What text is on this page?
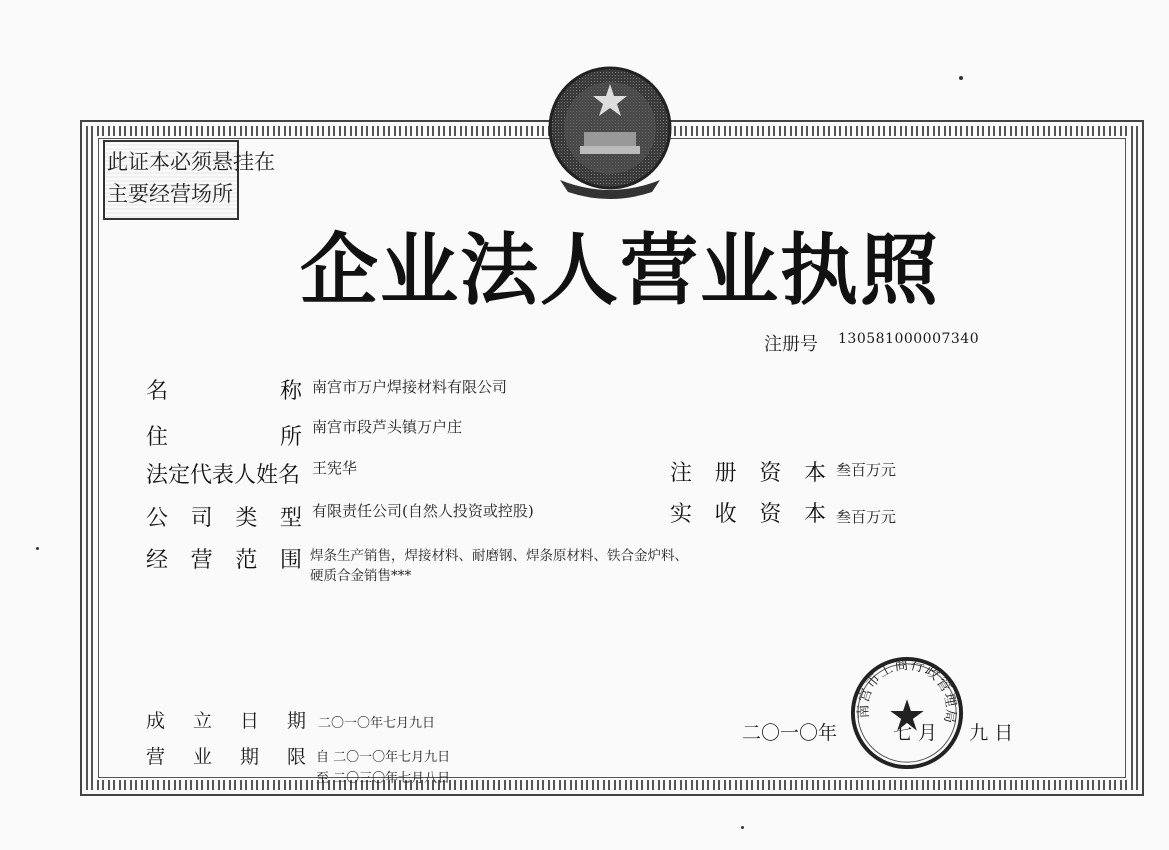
此证本必须悬挂在
主要经营场所
企业法人营业执照
注册号 130581000007340
名	称 南宫市万户焊接材料有限公司
住	所 南宫市段芦头镇万户庄
法定代表人姓名 王宪华
公 司 类 型 有限责任公司(自然人投资或控股)
经 营 范 围 焊条生产销售，焊接材料、耐磨钢、焊条原材料、铁合金炉料、硬质合金销售***
注 册 资 本 叁百万元
实 收 资 本 叁百万元
成 立 日 期 二〇一〇年七月九日
营 业 期 限 自 二〇一〇年七月九日
至 二〇三〇年七月八日
二〇一〇年	七 月 九 日
南宫市工商行政管理局
